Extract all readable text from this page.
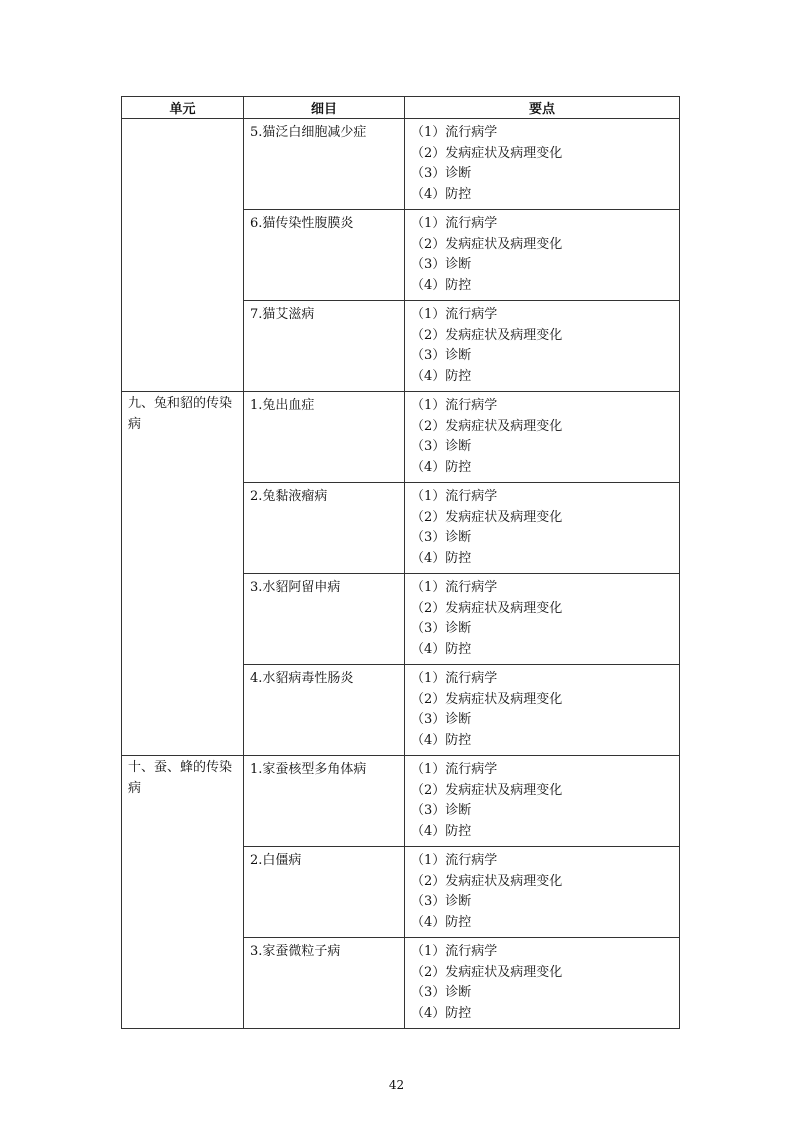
单元	细目	要点

	5.猫泛白细胞减少症	（1）流行病学
（2）发病症状及病理变化
（3）诊断
（4）防控

	6.猫传染性腹膜炎	（1）流行病学
（2）发病症状及病理变化
（3）诊断
（4）防控

	7.猫艾滋病	（1）流行病学
（2）发病症状及病理变化
（3）诊断
（4）防控

九、兔和貂的传染病	1.兔出血症	（1）流行病学
（2）发病症状及病理变化
（3）诊断
（4）防控

	2.兔黏液瘤病	（1）流行病学
（2）发病症状及病理变化
（3）诊断
（4）防控

	3.水貂阿留申病	（1）流行病学
（2）发病症状及病理变化
（3）诊断
（4）防控

	4.水貂病毒性肠炎	（1）流行病学
（2）发病症状及病理变化
（3）诊断
（4）防控

十、蚕、蜂的传染病	1.家蚕核型多角体病	（1）流行病学
（2）发病症状及病理变化
（3）诊断
（4）防控

	2.白僵病	（1）流行病学
（2）发病症状及病理变化
（3）诊断
（4）防控

	3.家蚕微粒子病	（1）流行病学
（2）发病症状及病理变化
（3）诊断
（4）防控
42
